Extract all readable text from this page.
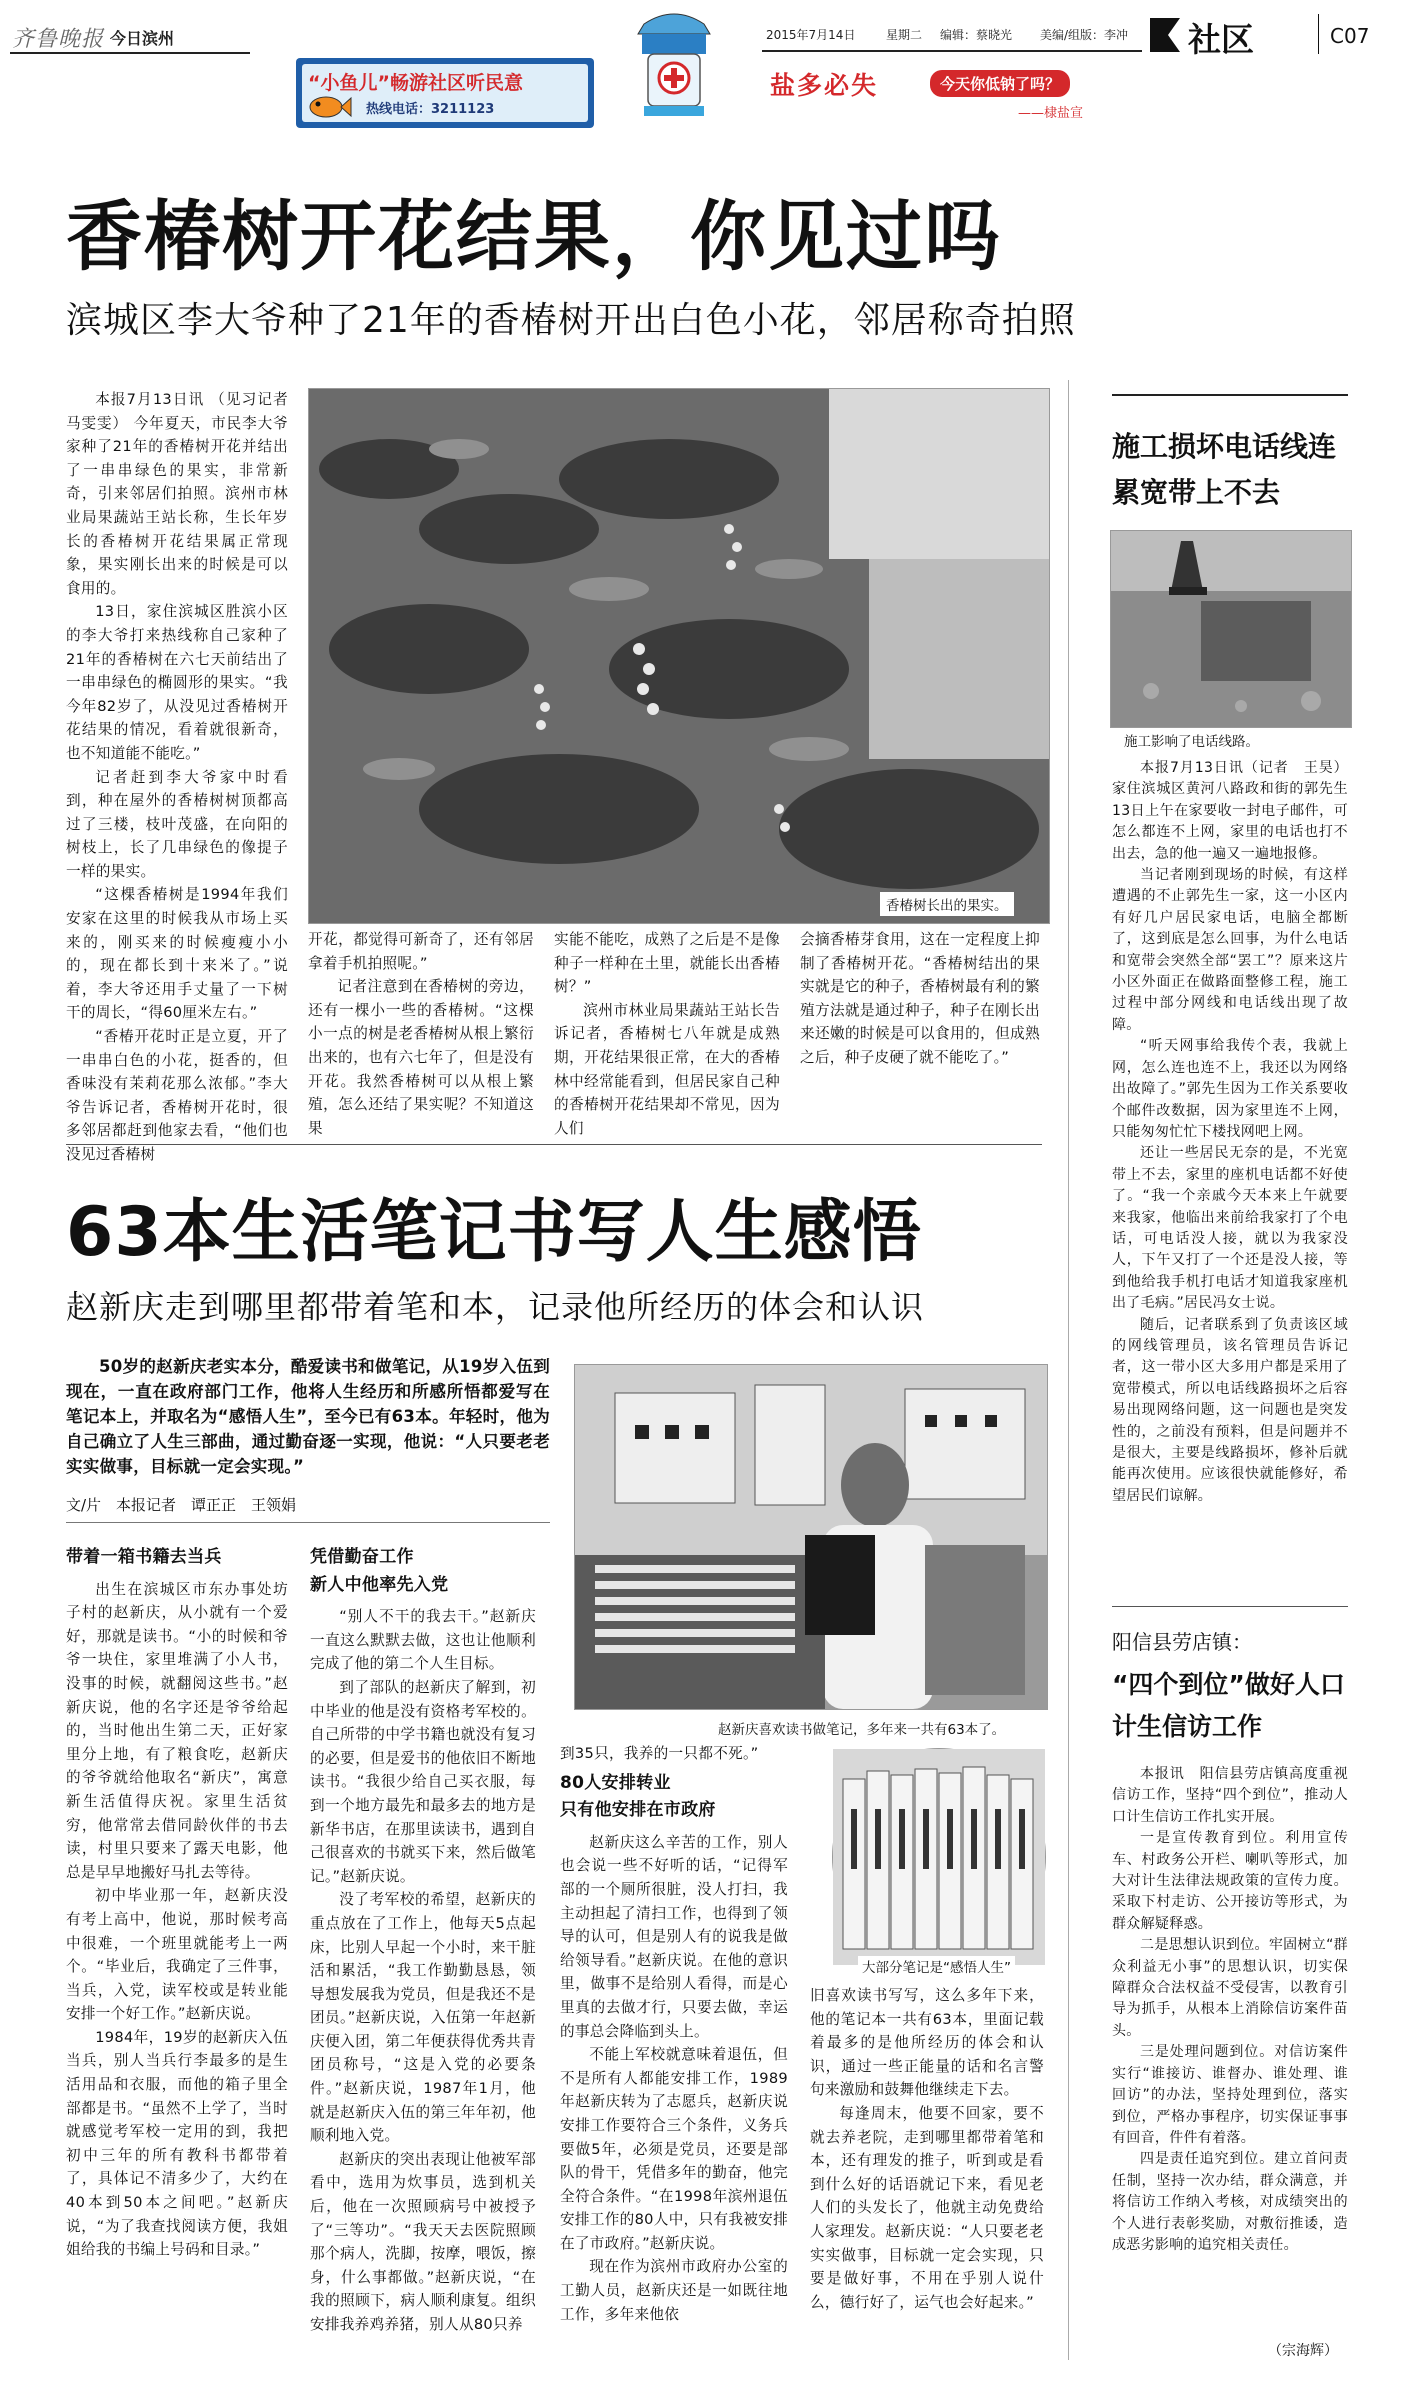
齐鲁晚报 今日滨州
“小鱼儿”畅游社区听民意
热线电话：3211123
盐多必失	今天你低钠了吗？
——棣盐宣
2015年7月14日	星期二 编辑：蔡晓光 美编/组版：李冲 社区	C07
香椿树开花结果，你见过吗
滨城区李大爷种了21年的香椿树开出白色小花，邻居称奇拍照

本报7月13日讯 （见习记者 马雯雯） 今年夏天，市民李大爷家种了21年的香椿树开花并结出了一串串绿色的果实，非常新奇，引来邻居们拍照。滨州市林业局果蔬站王站长称，生长年岁长的香椿树开花结果属正常现象，果实刚长出来的时候是可以食用的。

13日，家住滨城区胜滨小区的李大爷打来热线称自己家种了21年的香椿树在六七天前结出了一串串绿色的椭圆形的果实。“我今年82岁了，从没见过香椿树开花结果的情况，看着就很新奇，也不知道能不能吃。”

记者赶到李大爷家中时看到，种在屋外的香椿树树顶都高过了三楼，枝叶茂盛，在向阳的树枝上，长了几串绿色的像提子一样的果实。

“这棵香椿树是1994年我们安家在这里的时候我从市场上买来的，刚买来的时候瘦瘦小小的，现在都长到十来米了。”说着，李大爷还用手丈量了一下树干的周长，“得60厘米左右。”

“香椿开花时正是立夏，开了一串串白色的小花，挺香的，但香味没有茉莉花那么浓郁。”李大爷告诉记者，香椿树开花时，很多邻居都赶到他家去看，“他们也没见过香椿树

香椿树长出的果实。

开花，都觉得可新奇了，还有邻居拿着手机拍照呢。”

记者注意到在香椿树的旁边，还有一棵小一些的香椿树。“这棵小一点的树是老香椿树从根上繁衍出来的，也有六七年了，但是没有开花。我然香椿树可以从根上繁殖，怎么还结了果实呢？不知道这果

实能不能吃，成熟了之后是不是像种子一样种在土里，就能长出香椿树？”

滨州市林业局果蔬站王站长告诉记者，香椿树七八年就是成熟期，开花结果很正常，在大的香椿林中经常能看到，但居民家自己种的香椿树开花结果却不常见，因为人们

会摘香椿芽食用，这在一定程度上抑制了香椿树开花。“香椿树结出的果实就是它的种子，香椿树最有利的繁殖方法就是通过种子，种子在刚长出来还嫩的时候是可以食用的，但成熟之后，种子皮硬了就不能吃了。”

63本生活笔记书写人生感悟
赵新庆走到哪里都带着笔和本，记录他所经历的体会和认识

50岁的赵新庆老实本分，酷爱读书和做笔记，从19岁入伍到现在，一直在政府部门工作，他将人生经历和所感所悟都爱写在笔记本上，并取名为“感悟人生”，至今已有63本。年轻时，他为自己确立了人生三部曲，通过勤奋逐一实现，他说：“人只要老老实实做事，目标就一定会实现。”

文/片　本报记者　谭正正　王领娟
赵新庆喜欢读书做笔记，多年来一共有63本了。
大部分笔记是“感悟人生”
带着一箱书籍去当兵

出生在滨城区市东办事处坊子村的赵新庆，从小就有一个爱好，那就是读书。“小的时候和爷爷一块住，家里堆满了小人书，没事的时候，就翻阅这些书。”赵新庆说，他的名字还是爷爷给起的，当时他出生第二天，正好家里分上地，有了粮食吃，赵新庆的爷爷就给他取名“新庆”，寓意新生活值得庆祝。家里生活贫穷，他常常去借同龄伙伴的书去读，村里只要来了露天电影，他总是早早地搬好马扎去等待。

初中毕业那一年，赵新庆没有考上高中，他说，那时候考高中很难，一个班里就能考上一两个。“毕业后，我确定了三件事，当兵，入党，读军校或是转业能安排一个好工作。”赵新庆说。

1984年，19岁的赵新庆入伍当兵，别人当兵行李最多的是生活用品和衣服，而他的箱子里全部都是书。“虽然不上学了，当时就感觉考军校一定用的到，我把初中三年的所有教科书都带着了，具体记不清多少了，大约在40本到50本之间吧。”赵新庆说，“为了我查找阅读方便，我姐姐给我的书编上号码和目录。”

凭借勤奋工作
新人中他率先入党

“别人不干的我去干。”赵新庆一直这么默默去做，这也让他顺利完成了他的第二个人生目标。

到了部队的赵新庆了解到，初中毕业的他是没有资格考军校的。自己所带的中学书籍也就没有复习的必要，但是爱书的他依旧不断地读书。“我很少给自己买衣服，每到一个地方最先和最多去的地方是新华书店，在那里读读书，遇到自己很喜欢的书就买下来，然后做笔记。”赵新庆说。

没了考军校的希望，赵新庆的重点放在了工作上，他每天5点起床，比别人早起一个小时，来干脏活和累活，“我工作勤勤恳恳，领导想发展我为党员，但是我还不是团员。”赵新庆说，入伍第一年赵新庆便入团，第二年便获得优秀共青团员称号，“这是入党的必要条件。”赵新庆说，1987年1月，他就是赵新庆入伍的第三年年初，他顺利地入党。

赵新庆的突出表现让他被军部看中，选用为炊事员，选到机关后，他在一次照顾病号中被授予了“三等功”。“我天天去医院照顾那个病人，洗脚，按摩，喂饭，擦身，什么事都做。”赵新庆说，“在我的照顾下，病人顺利康复。组织安排我养鸡养猪，别人从80只养

到35只，我养的一只都不死。”

80人安排转业
只有他安排在市政府

赵新庆这么辛苦的工作，别人也会说一些不好听的话，“记得军部的一个厕所很脏，没人打扫，我主动担起了清扫工作，也得到了领导的认可，但是别人有的说我是做给领导看。”赵新庆说。在他的意识里，做事不是给别人看得，而是心里真的去做才行，只要去做，幸运的事总会降临到头上。

不能上军校就意味着退伍，但不是所有人都能安排工作，1989年赵新庆转为了志愿兵，赵新庆说安排工作要符合三个条件，义务兵要做5年，必须是党员，还要是部队的骨干，凭借多年的勤奋，他完全符合条件。“在1998年滨州退伍安排工作的80人中，只有我被安排在了市政府。”赵新庆说。

现在作为滨州市政府办公室的工勤人员，赵新庆还是一如既往地工作，多年来他依

旧喜欢读书写写，这么多年下来，他的笔记本一共有63本，里面记载着最多的是他所经历的体会和认识，通过一些正能量的话和名言警句来激励和鼓舞他继续走下去。

每逢周末，他要不回家，要不就去养老院，走到哪里都带着笔和本，还有理发的推子，听到或是看到什么好的话语就记下来，看见老人们的头发长了，他就主动免费给人家理发。赵新庆说：“人只要老老实实做事，目标就一定会实现，只要是做好事，不用在乎别人说什么，德行好了，运气也会好起来。”

施工损坏电话线连累宽带上不去
施工影响了电话线路。

本报7月13日讯（记者　王昊） 家住滨城区黄河八路政和街的郭先生13日上午在家要收一封电子邮件，可怎么都连不上网，家里的电话也打不出去，急的他一遍又一遍地报修。

当记者刚到现场的时候，有这样遭遇的不止郭先生一家，这一小区内有好几户居民家电话，电脑全都断了，这到底是怎么回事，为什么电话和宽带会突然全部“罢工”？原来这片小区外面正在做路面整修工程，施工过程中部分网线和电话线出现了故障。

“听天网事给我传个表，我就上网，怎么连也连不上，我还以为网络出故障了。”郭先生因为工作关系要收个邮件改数据，因为家里连不上网，只能匆匆忙忙下楼找网吧上网。

还让一些居民无奈的是，不光宽带上不去，家里的座机电话都不好使了。“我一个亲戚今天本来上午就要来我家，他临出来前给我家打了个电话，可电话没人接，就以为我家没人，下午又打了一个还是没人接，等到他给我手机打电话才知道我家座机出了毛病。”居民冯女士说。

随后，记者联系到了负责该区域的网线管理员，该名管理员告诉记者，这一带小区大多用户都是采用了宽带模式，所以电话线路损坏之后容易出现网络问题，这一问题也是突发性的，之前没有预料，但是问题并不是很大，主要是线路损坏，修补后就能再次使用。应该很快就能修好，希望居民们谅解。

阳信县劳店镇：
“四个到位”做好人口计生信访工作

本报讯　阳信县劳店镇高度重视信访工作，坚持“四个到位”，推动人口计生信访工作扎实开展。

一是宣传教育到位。利用宣传车、村政务公开栏、喇叭等形式，加大对计生法律法规政策的宣传力度。采取下村走访、公开接访等形式，为群众解疑释惑。

二是思想认识到位。牢固树立“群众利益无小事”的思想认识，切实保障群众合法权益不受侵害，以教育引导为抓手，从根本上消除信访案件苗头。

三是处理问题到位。对信访案件实行“谁接访、谁督办、谁处理、谁回访”的办法，坚持处理到位，落实到位，严格办事程序，切实保证事事有回音，件件有着落。

四是责任追究到位。建立首问责任制，坚持一次办结，群众满意，并将信访工作纳入考核，对成绩突出的个人进行表彰奖励，对敷衍推诿，造成恶劣影响的追究相关责任。

（宗海辉）
